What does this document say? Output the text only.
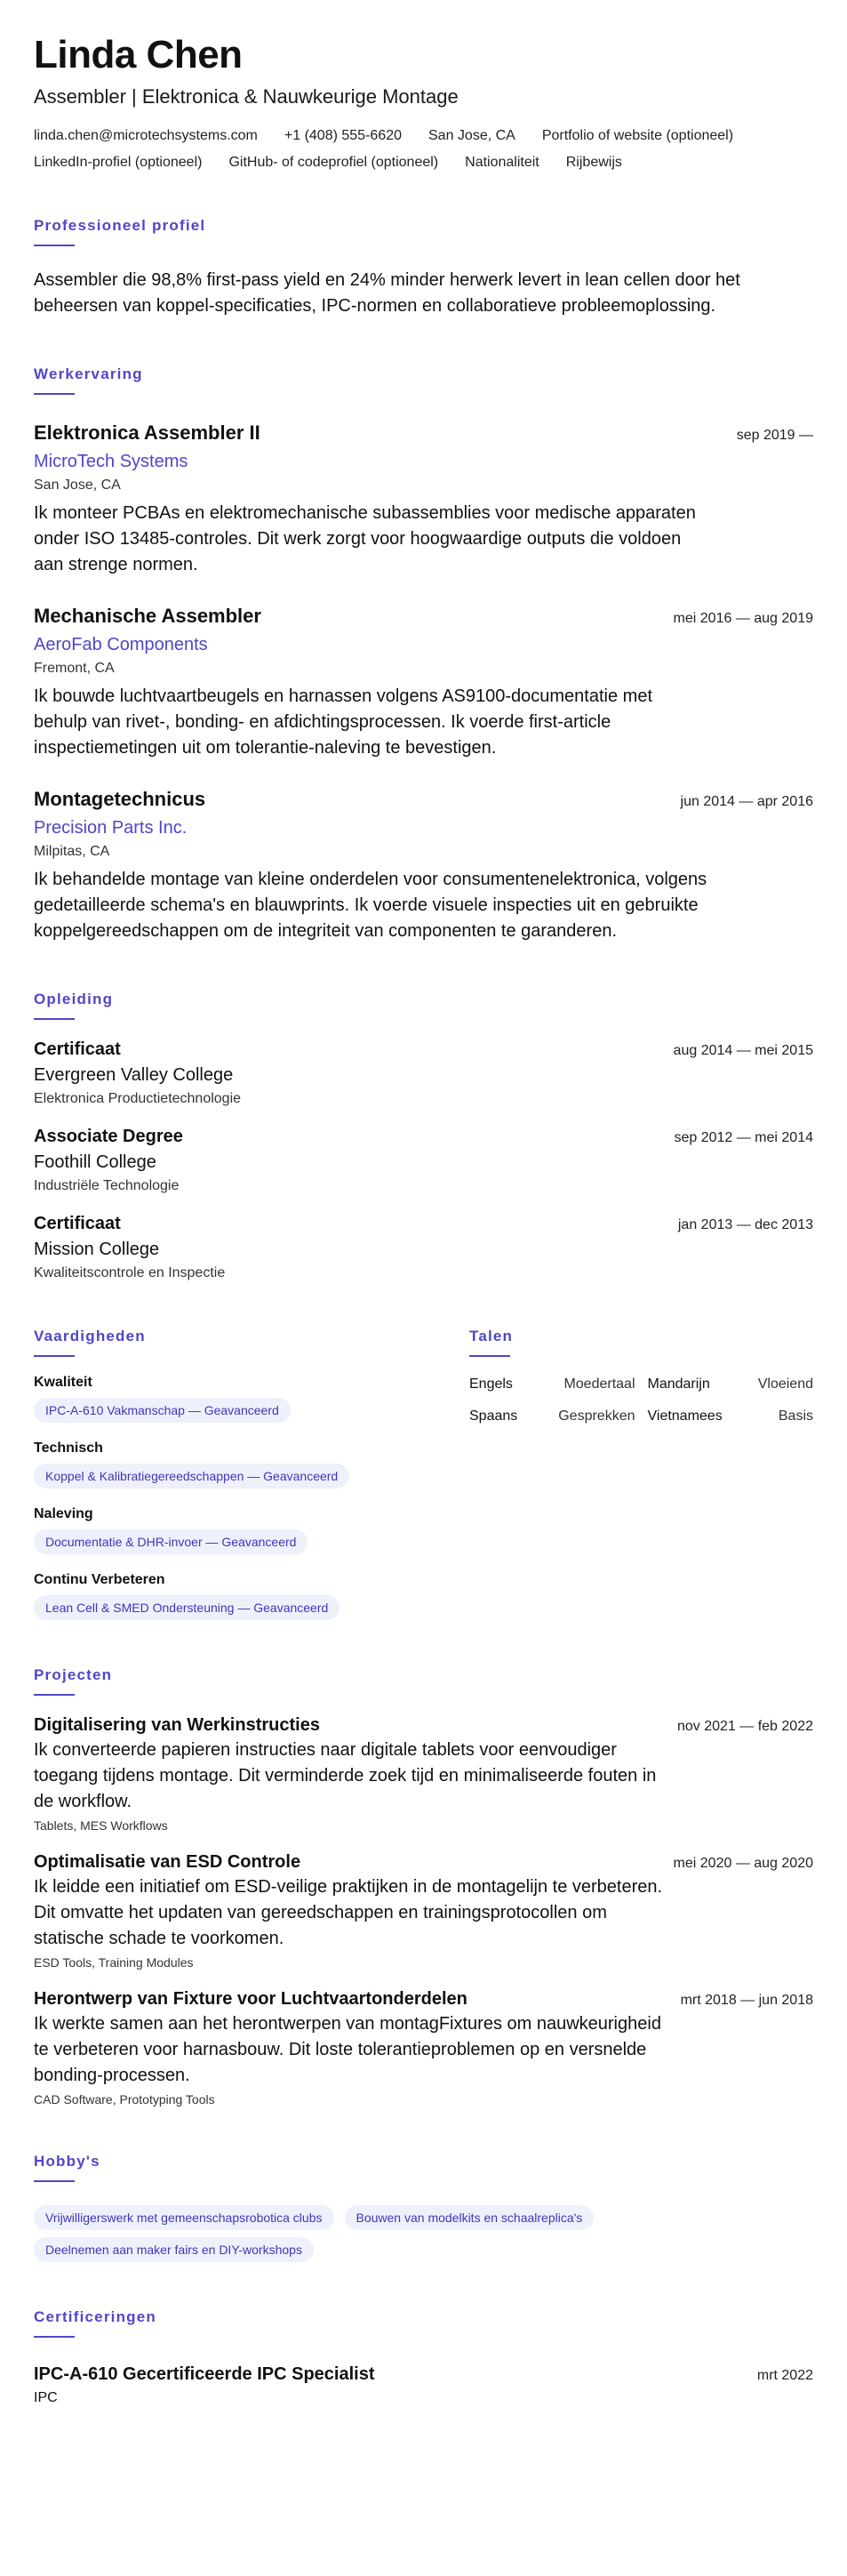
Linda Chen
Assembler | Elektronica & Nauwkeurige Montage
linda.chen@microtechsystems.com +1 (408) 555-6620 San Jose, CA Portfolio of website (optioneel)
LinkedIn-profiel (optioneel) GitHub- of codeprofiel (optioneel) Nationaliteit Rijbewijs
Professioneel profiel

Assembler die 98,8% first-pass yield en 24% minder herwerk levert in lean cellen door het beheersen van koppel-specificaties, IPC-normen en collaboratieve probleemoplossing.

Werkervaring
Elektronica Assembler II	sep 2019 —
MicroTech Systems
San Jose, CA

Ik monteer PCBAs en elektromechanische subassemblies voor medische apparaten onder ISO 13485-controles. Dit werk zorgt voor hoogwaardige outputs die voldoen aan strenge normen.

Mechanische Assembler	mei 2016 — aug 2019
AeroFab Components
Fremont, CA

Ik bouwde luchtvaartbeugels en harnassen volgens AS9100-documentatie met behulp van rivet-, bonding- en afdichtingsprocessen. Ik voerde first-article inspectiemetingen uit om tolerantie-naleving te bevestigen.

Montagetechnicus	jun 2014 — apr 2016
Precision Parts Inc.
Milpitas, CA

Ik behandelde montage van kleine onderdelen voor consumentenelektronica, volgens gedetailleerde schema's en blauwprints. Ik voerde visuele inspecties uit en gebruikte koppelgereedschappen om de integriteit van componenten te garanderen.

Opleiding
Certificaat	aug 2014 — mei 2015
Evergreen Valley College
Elektronica Productietechnologie
Associate Degree	sep 2012 — mei 2014
Foothill College
Industriële Technologie
Certificaat	jan 2013 — dec 2013
Mission College
Kwaliteitscontrole en Inspectie
Vaardigheden
Kwaliteit
IPC-A-610 Vakmanschap — Geavanceerd
Technisch
Koppel & Kalibratiegereedschappen — Geavanceerd
Naleving
Documentatie & DHR-invoer — Geavanceerd
Continu Verbeteren
Lean Cell & SMED Ondersteuning — Geavanceerd
Talen
Engels	Moedertaal Mandarijn	Vloeiend
Spaans	Gesprekken Vietnamees	Basis
Projecten
Digitalisering van Werkinstructies	nov 2021 — feb 2022

Ik converteerde papieren instructies naar digitale tablets voor eenvoudiger toegang tijdens montage. Dit verminderde zoek tijd en minimaliseerde fouten in de workflow.

Tablets, MES Workflows
Optimalisatie van ESD Controle	mei 2020 — aug 2020

Ik leidde een initiatief om ESD-veilige praktijken in de montagelijn te verbeteren. Dit omvatte het updaten van gereedschappen en trainingsprotocollen om statische schade te voorkomen.

ESD Tools, Training Modules
Herontwerp van Fixture voor Luchtvaartonderdelen	mrt 2018 — jun 2018

Ik werkte samen aan het herontwerpen van montagFixtures om nauwkeurigheid te verbeteren voor harnasbouw. Dit loste tolerantieproblemen op en versnelde bonding-processen.

CAD Software, Prototyping Tools
Hobby's
Vrijwilligerswerk met gemeenschapsrobotica clubs	Bouwen van modelkits en schaalreplica's
Deelnemen aan maker fairs en DIY-workshops
Certificeringen
IPC-A-610 Gecertificeerde IPC Specialist	mrt 2022
IPC
